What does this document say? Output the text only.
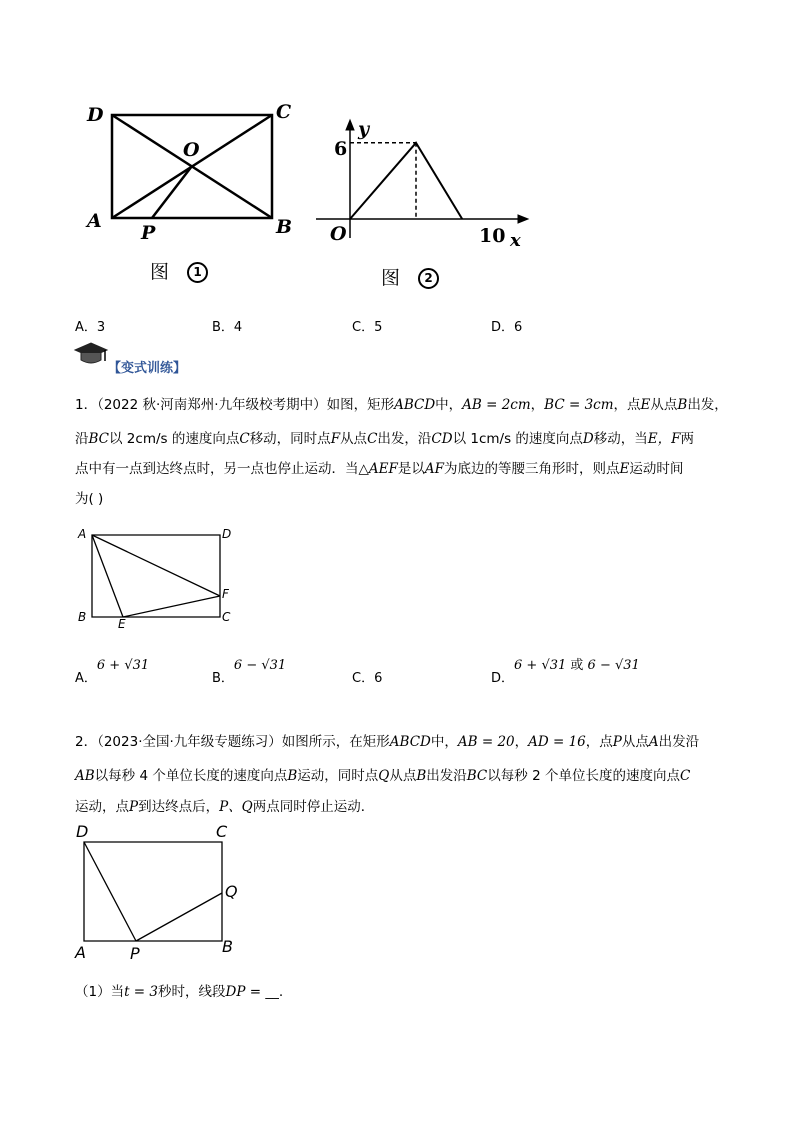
D	C
O
A
P	B
图 1
y
x
O
6
10
图 2
A．3	B．4	C．5	D．6
【变式训练】
1．（2022 秋·河南郑州·九年级校考期中）如图，矩形ABCD中，AB = 2cm，BC = 3cm，点E从点B出发，
沿BC以 2cm/s 的速度向点C移动，同时点F从点C出发，沿CD以 1cm/s 的速度向点D移动，当E，F两
点中有一点到达终点时，另一点也停止运动．当△AEF是以AF为底边的等腰三角形时，则点E运动时间
为( )
A	D
F
B	E	C
A．6 + √31
B．6 − √31
C．6	D．6 + √31 或 6 − √31
2．（2023·全国·九年级专题练习）如图所示，在矩形ABCD中，AB = 20，AD = 16，点P从点A出发沿
AB以每秒 4 个单位长度的速度向点B运动，同时点Q从点B出发沿BC以每秒 2 个单位长度的速度向点C
运动，点P到达终点后，P、Q两点同时停止运动．
D	C
Q
A	P	B
（1）当t = 3秒时，线段DP = __.
